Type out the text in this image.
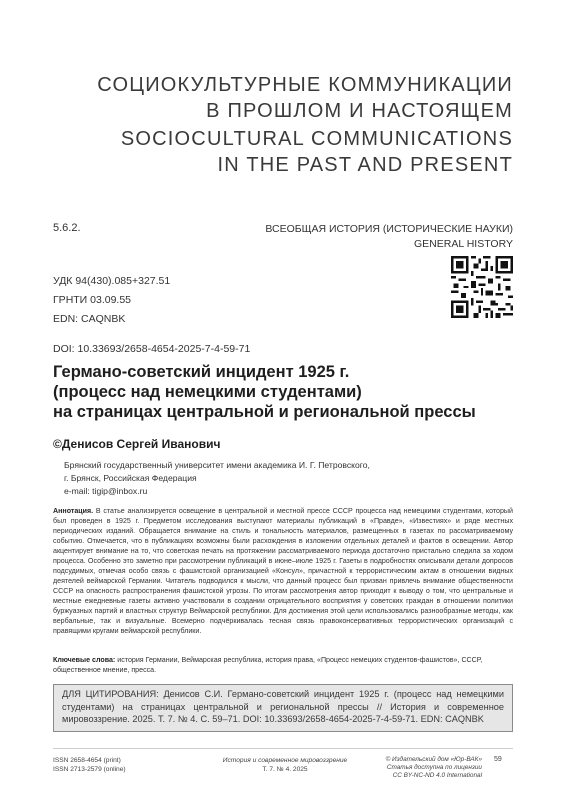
СОЦИОКУЛЬТУРНЫЕ КОММУНИКАЦИИ
В ПРОШЛОМ И НАСТОЯЩЕМ
SOCIOCULTURAL COMMUNICATIONS
IN THE PAST AND PRESENT
5.6.2.	ВСЕОБЩАЯ ИСТОРИЯ (ИСТОРИЧЕСКИЕ НАУКИ)
GENERAL HISTORY
УДК 94(430).085+327.51
ГРНТИ 03.09.55
EDN: CAQNBK
DOI: 10.33693/2658-4654-2025-7-4-59-71
Германо-советский инцидент 1925 г.
(процесс над немецкими студентами)
на страницах центральной и региональной прессы
©Денисов Сергей Иванович
Брянский государственный университет имени академика И. Г. Петровского,
г. Брянск, Российская Федерация
e-mail: tigip@inbox.ru
Аннотация. В статье анализируется освещение в центральной и местной прессе СССР процесса над немецкими студентами, который был проведен в 1925 г. Предметом исследования выступают материалы публикаций в «Правде», «Известиях» и ряде местных периодических изданий. Обращается внимание на стиль и тональность материалов, размещенных в газетах по рассматриваемому событию. Отмечается, что в публикациях возможны были расхождения в изложении отдельных деталей и фактов в освещении. Автор акцентирует внимание на то, что советская печать на протяжении рассматриваемого периода достаточно пристально следила за ходом процесса. Особенно это заметно при рассмотрении публикаций в июне–июле 1925 г. Газеты в подробностях описывали детали допросов подсудимых, отмечая особо связь с фашистской организацией «Консул», причастной к террористическим актам в отношении видных деятелей веймарской Германии. Читатель подводился к мысли, что данный процесс был призван привлечь внимание общественности СССР на опасность распространения фашистской угрозы. По итогам рассмотрения автор приходит к выводу о том, что центральные и местные ежедневные газеты активно участвовали в создании отрицательного восприятия у советских граждан в отношении политики буржуазных партий и властных структур Веймарской республики. Для достижения этой цели использовались разнообразные методы, как вербальные, так и визуальные. Всемерно подчёркивалась тесная связь правоконсервативных террористических организаций с правящими кругами веймарской республики.
Ключевые слова: история Германии, Веймарская республика, история права, «Процесс немецких студентов-фашистов», СССР, общественное мнение, пресса.
ДЛЯ ЦИТИРОВАНИЯ: Денисов С.И. Германо-советский инцидент 1925 г. (процесс над немецкими студентами) на страницах центральной и региональной прессы // История и современное мировоззрение. 2025. Т. 7. № 4. С. 59–71. DOI: 10.33693/2658-4654-2025-7-4-59-71. EDN: CAQNBK
ISSN 2658-4654 (print)
ISSN 2713-2579 (online)
История и современное мировоззрение
Т. 7. № 4. 2025
© Издательский дом «Юр-ВАК»
Статья доступна по лицензии
CC BY-NC-ND 4.0 International
59
